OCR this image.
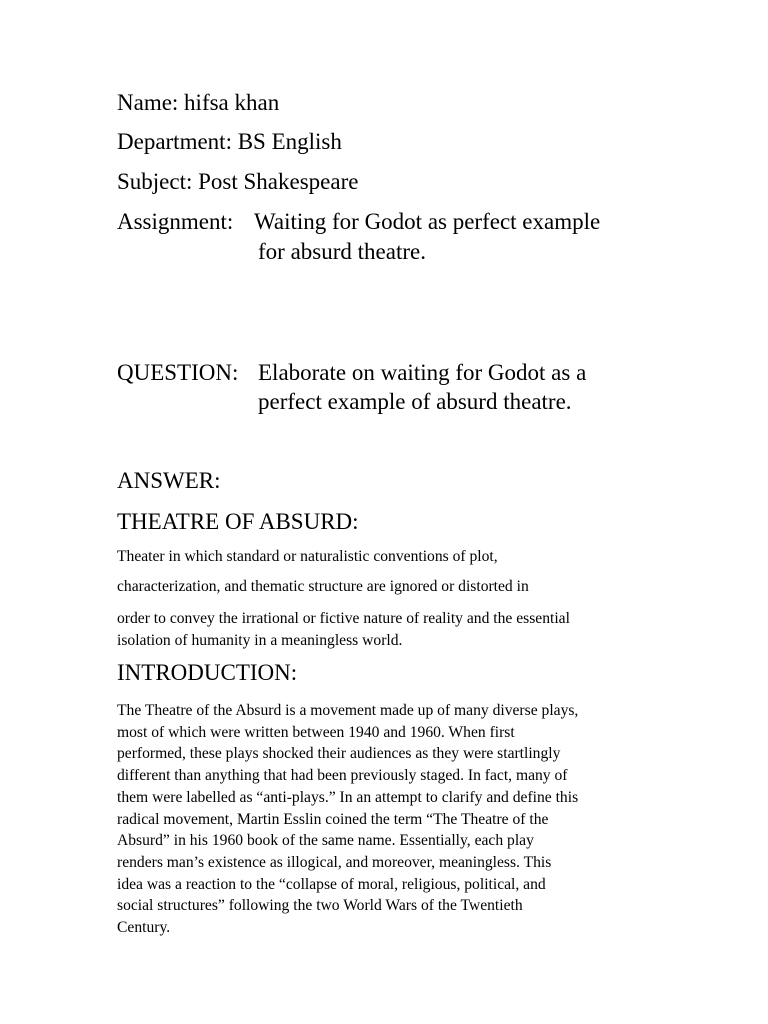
Name: hifsa khan
Department: BS English
Subject: Post Shakespeare
Assignment: Waiting for Godot as perfect example
for absurd theatre.
QUESTION: Elaborate on waiting for Godot as a
perfect example of absurd theatre.
ANSWER:
THEATRE OF ABSURD:
Theater in which standard or naturalistic conventions of plot,
characterization, and thematic structure are ignored or distorted in
order to convey the irrational or fictive nature of reality and the essential
isolation of humanity in a meaningless world.
INTRODUCTION:
The Theatre of the Absurd is a movement made up of many diverse plays,
most of which were written between 1940 and 1960. When first
performed, these plays shocked their audiences as they were startlingly
different than anything that had been previously staged. In fact, many of
them were labelled as “anti-plays.” In an attempt to clarify and define this
radical movement, Martin Esslin coined the term “The Theatre of the
Absurd” in his 1960 book of the same name. Essentially, each play
renders man’s existence as illogical, and moreover, meaningless. This
idea was a reaction to the “collapse of moral, religious, political, and
social structures” following the two World Wars of the Twentieth
Century.
